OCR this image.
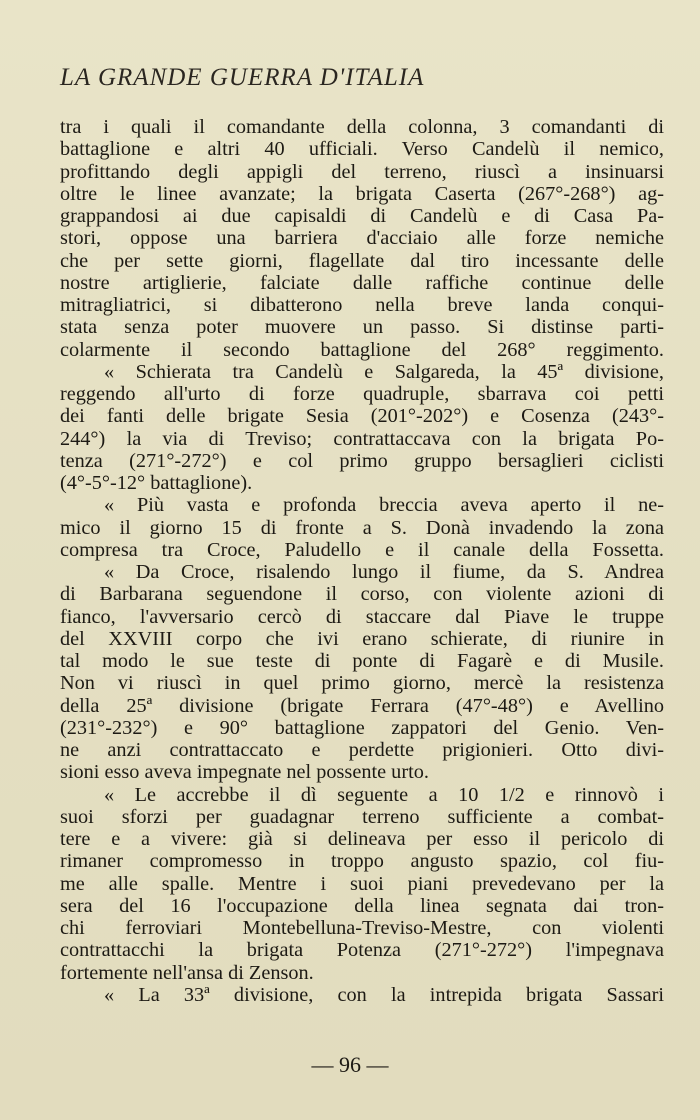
LA GRANDE GUERRA D'ITALIA
tra i quali il comandante della colonna, 3 comandanti di
battaglione e altri 40 ufficiali. Verso Candelù il nemico,
profittando degli appigli del terreno, riuscì a insinuarsi
oltre le linee avanzate; la brigata Caserta (267°-268°) ag-
grappandosi ai due capisaldi di Candelù e di Casa Pa-
stori, oppose una barriera d'acciaio alle forze nemiche
che per sette giorni, flagellate dal tiro incessante delle
nostre artiglierie, falciate dalle raffiche continue delle
mitragliatrici, si dibatterono nella breve landa conqui-
stata senza poter muovere un passo. Si distinse parti-
colarmente il secondo battaglione del 268° reggimento.
« Schierata tra Candelù e Salgareda, la 45ª divisione,
reggendo all'urto di forze quadruple, sbarrava coi petti
dei fanti delle brigate Sesia (201°-202°) e Cosenza (243°-
244°) la via di Treviso; contrattaccava con la brigata Po-
tenza (271°-272°) e col primo gruppo bersaglieri ciclisti
(4°-5°-12° battaglione).
« Più vasta e profonda breccia aveva aperto il ne-
mico il giorno 15 di fronte a S. Donà invadendo la zona
compresa tra Croce, Paludello e il canale della Fossetta.
« Da Croce, risalendo lungo il fiume, da S. Andrea
di Barbarana seguendone il corso, con violente azioni di
fianco, l'avversario cercò di staccare dal Piave le truppe
del XXVIII corpo che ivi erano schierate, di riunire in
tal modo le sue teste di ponte di Fagarè e di Musile.
Non vi riuscì in quel primo giorno, mercè la resistenza
della 25ª divisione (brigate Ferrara (47°-48°) e Avellino
(231°-232°) e 90° battaglione zappatori del Genio. Ven-
ne anzi contrattaccato e perdette prigionieri. Otto divi-
sioni esso aveva impegnate nel possente urto.
« Le accrebbe il dì seguente a 10 1/2 e rinnovò i
suoi sforzi per guadagnar terreno sufficiente a combat-
tere e a vivere: già si delineava per esso il pericolo di
rimaner compromesso in troppo angusto spazio, col fiu-
me alle spalle. Mentre i suoi piani prevedevano per la
sera del 16 l'occupazione della linea segnata dai tron-
chi ferroviari Montebelluna-Treviso-Mestre, con violenti
contrattacchi la brigata Potenza (271°-272°) l'impegnava
fortemente nell'ansa di Zenson.
« La 33ª divisione, con la intrepida brigata Sassari
— 96 —
